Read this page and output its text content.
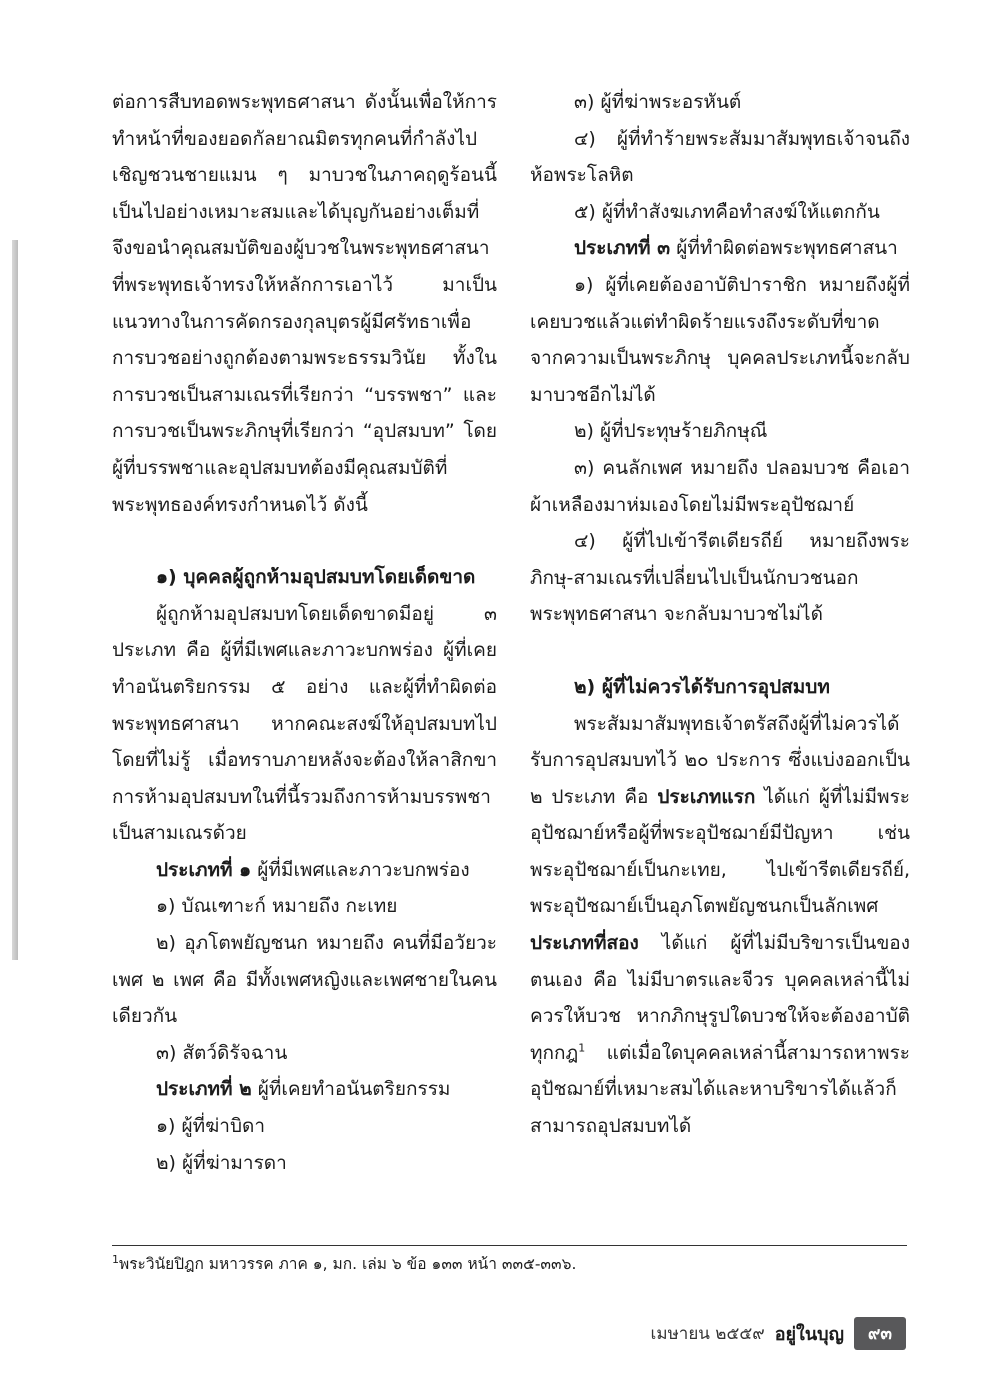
ต่อการสืบทอดพระพุทธศาสนา ดังนั้นเพื่อให้การทำหน้าที่ของยอดกัลยาณมิตรทุกคนที่กำลังไปเชิญชวนชายแมน ๆ มาบวชในภาคฤดูร้อนนี้เป็นไปอย่างเหมาะสมและได้บุญกันอย่างเต็มที่ จึงขอนำคุณสมบัติของผู้บวชในพระพุทธศาสนาที่พระพุทธเจ้าทรงให้หลักการเอาไว้ มาเป็นแนวทางในการคัดกรองกุลบุตรผู้มีศรัทธาเพื่อการบวชอย่างถูกต้องตามพระธรรมวินัย ทั้งในการบวชเป็นสามเณรที่เรียกว่า “บรรพชา” และการบวชเป็นพระภิกษุที่เรียกว่า “อุปสมบท” โดยผู้ที่บรรพชาและอุปสมบทต้องมีคุณสมบัติที่พระพุทธองค์ทรงกำหนดไว้ ดังนี้

๑) บุคคลผู้ถูกห้ามอุปสมบทโดยเด็ดขาด

ผู้ถูกห้ามอุปสมบทโดยเด็ดขาดมีอยู่ ๓ ประเภท คือ ผู้ที่มีเพศและภาวะบกพร่อง ผู้ที่เคยทำอนันตริยกรรม ๕ อย่าง และผู้ที่ทำผิดต่อพระพุทธศาสนา หากคณะสงฆ์ให้อุปสมบทไปโดยที่ไม่รู้ เมื่อทราบภายหลังจะต้องให้ลาสิกขา การห้ามอุปสมบทในที่นี้รวมถึงการห้ามบรรพชาเป็นสามเณรด้วย

ประเภทที่ ๑ ผู้ที่มีเพศและภาวะบกพร่อง

๑) บัณเฑาะก์ หมายถึง กะเทย

๒) อุภโตพยัญชนก หมายถึง คนที่มีอวัยวะเพศ ๒ เพศ คือ มีทั้งเพศหญิงและเพศชายในคนเดียวกัน

๓) สัตว์ดิรัจฉาน

ประเภทที่ ๒ ผู้ที่เคยทำอนันตริยกรรม

๑) ผู้ที่ฆ่าบิดา

๒) ผู้ที่ฆ่ามารดา

๓) ผู้ที่ฆ่าพระอรหันต์

๔) ผู้ที่ทำร้ายพระสัมมาสัมพุทธเจ้าจนถึงห้อพระโลหิต

๕) ผู้ที่ทำสังฆเภทคือทำสงฆ์ให้แตกกัน

ประเภทที่ ๓ ผู้ที่ทำผิดต่อพระพุทธศาสนา

๑) ผู้ที่เคยต้องอาบัติปาราชิก หมายถึงผู้ที่เคยบวชแล้วแต่ทำผิดร้ายแรงถึงระดับที่ขาดจากความเป็นพระภิกษุ บุคคลประเภทนี้จะกลับมาบวชอีกไม่ได้

๒) ผู้ที่ประทุษร้ายภิกษุณี

๓) คนลักเพศ หมายถึง ปลอมบวช คือเอาผ้าเหลืองมาห่มเองโดยไม่มีพระอุปัชฌาย์

๔) ผู้ที่ไปเข้ารีตเดียรถีย์ หมายถึงพระภิกษุ-สามเณรที่เปลี่ยนไปเป็นนักบวชนอกพระพุทธศาสนา จะกลับมาบวชไม่ได้

๒) ผู้ที่ไม่ควรได้รับการอุปสมบท

พระสัมมาสัมพุทธเจ้าตรัสถึงผู้ที่ไม่ควรได้รับการอุปสมบทไว้ ๒๐ ประการ ซึ่งแบ่งออกเป็น ๒ ประเภท คือ ประเภทแรก ได้แก่ ผู้ที่ไม่มีพระอุปัชฌาย์หรือผู้ที่พระอุปัชฌาย์มีปัญหา เช่น พระอุปัชฌาย์เป็นกะเทย, ไปเข้ารีตเดียรถีย์, พระอุปัชฌาย์เป็นอุภโตพยัญชนกเป็นลักเพศ ประเภทที่สอง ได้แก่ ผู้ที่ไม่มีบริขารเป็นของตนเอง คือ ไม่มีบาตรและจีวร บุคคลเหล่านี้ไม่ควรให้บวช หากภิกษุรูปใดบวชให้จะต้องอาบัติทุกกฎ$^1$ แต่เมื่อใดบุคคลเหล่านี้สามารถหาพระอุปัชฌาย์ที่เหมาะสมได้และหาบริขารได้แล้วก็สามารถอุปสมบทได้

$^1$พระวินัยปิฎก มหาวรรค ภาค ๑, มก. เล่ม ๖ ข้อ ๑๓๓ หน้า ๓๓๕-๓๓๖.
เมษายน ๒๕๕๙ อยู่ในบุญ	๙๓
